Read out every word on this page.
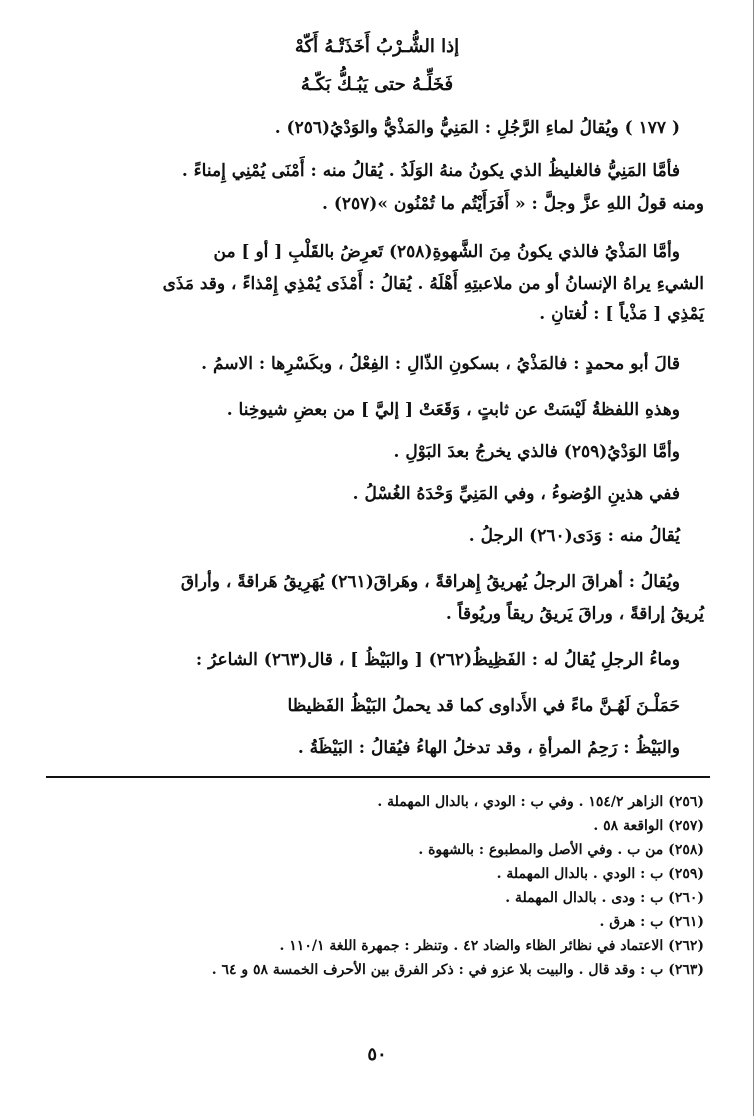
إذا الشُّـرْبُ أَخَذَتْـهُ أَكّهْ
فَخَلِّـهُ حتى يَبُـكُّ بَكّـهُ
( ١٧٧ ) ويُقالُ لماءِ الرَّجُلِ : المَنِيُّ والمَذْيُّ والوَدْيُ(٢٥٦) .
فأمَّا المَنِيُّ فالغليظُ الذي يكونُ منهُ الوَلَدُ . يُقالُ منه : أَمْنَى يُمْنِي إِمناءً .
ومنه قولُ اللهِ عزَّ وجلَّ : « أَفَرَأَيْتُم ما تُمْنُون »(٢٥٧) .
وأمَّا المَذْيُ فالذي يكونُ مِنَ الشَّهوةِ(٢٥٨) تَعرِضُ بالقَلْبِ [ أو ] من
الشيءِ يراهُ الإنسانُ أو من ملاعبتِهِ أَهْلَهُ . يُقالُ : أَمْذَى يُمْذِي إِمْذاءً ، وقد مَذَى
يَمْذِي [ مَذْياً ] : لُغتانِ .
قالَ أبو محمدٍ : فالمَذْيُ ، بسكونِ الذّالِ : الفِعْلُ ، وبكَسْرِها : الاسمُ .
وهذهِ اللفظةُ لَيْسَتْ عن ثابتٍ ، وَقَعَتْ [ إليَّ ] من بعضِ شيوخِنا .
وأمَّا الوَدْيُ(٢٥٩) فالذي يخرجُ بعدَ البَوْلِ .
ففي هذينِ الوُضوءُ ، وفي المَنِيِّ وَحْدَهُ الغُسْلُ .
يُقالُ منه : وَدَى(٢٦٠) الرجلُ .
ويُقالُ : أهراقَ الرجلُ يُهريقُ إِهراقةً ، وهَراقَ(٢٦١) يُهَرِيقُ هَراقةً ، وأراقَ
يُريقُ إراقةً ، وراقَ يَريقُ ريقاً وريُوقاً .
وماءُ الرجلِ يُقالُ له : الفَظِيظُ(٢٦٢) [ والبَيْظُ ] ، قال(٢٦٣) الشاعرُ :
حَمَلْـنَ لَهُـنَّ ماءً في الأَداوى كما قد يحملُ البَيْظُ الفَظيظا
والبَيْظُ : رَحِمُ المرأةِ ، وقد تدخلُ الهاءُ فيُقالُ : البَيْظَةُ .
(٢٥٦) الزاهر ١٥٤/٢ . وفي ب : الودي ، بالدال المهملة .
(٢٥٧) الواقعة ٥٨ .
(٢٥٨) من ب . وفي الأصل والمطبوع : بالشهوة .
(٢٥٩) ب : الودي . بالدال المهملة .
(٢٦٠) ب : ودى . بالدال المهملة .
(٢٦١) ب : هرق .
(٢٦٢) الاعتماد في نظائر الظاء والضاد ٤٢ . وتنظر : جمهرة اللغة ١١٠/١ .
(٢٦٣) ب : وقد قال . والبيت بلا عزو في : ذكر الفرق بين الأحرف الخمسة ٥٨ و ٦٤ .
٥٠
